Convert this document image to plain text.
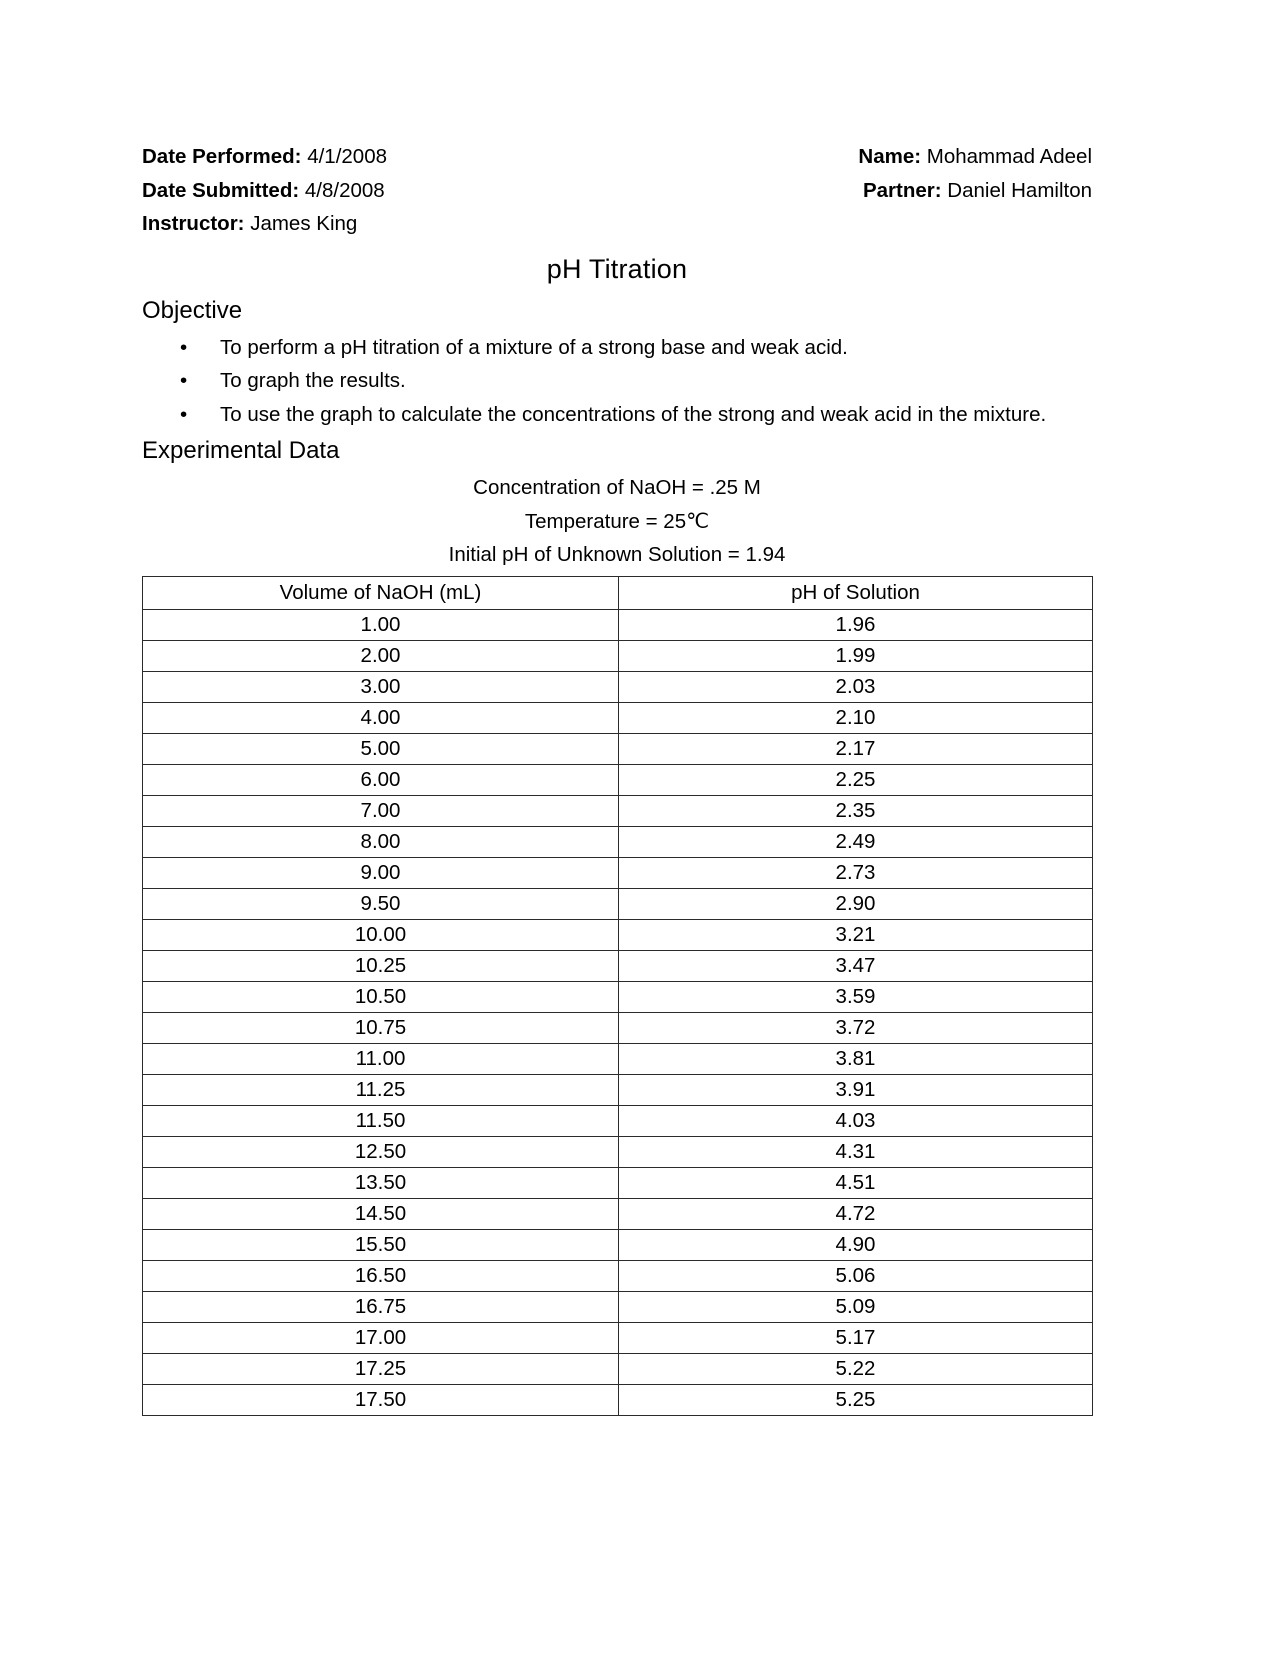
Date Performed: 4/1/2008	Name: Mohammad Adeel
Date Submitted: 4/8/2008	Partner: Daniel Hamilton
Instructor: James King
pH Titration
Objective
• To perform a pH titration of a mixture of a strong base and weak acid.
• To graph the results.
• To use the graph to calculate the concentrations of the strong and weak acid in the mixture.
Experimental Data
Concentration of NaOH = .25 M
Temperature = 25℃
Initial pH of Unknown Solution = 1.94
Volume of NaOH (mL)	pH of Solution
1.00	1.96
2.00	1.99
3.00	2.03
4.00	2.10
5.00	2.17
6.00	2.25
7.00	2.35
8.00	2.49
9.00	2.73
9.50	2.90
10.00	3.21
10.25	3.47
10.50	3.59
10.75	3.72
11.00	3.81
11.25	3.91
11.50	4.03
12.50	4.31
13.50	4.51
14.50	4.72
15.50	4.90
16.50	5.06
16.75	5.09
17.00	5.17
17.25	5.22
17.50	5.25
